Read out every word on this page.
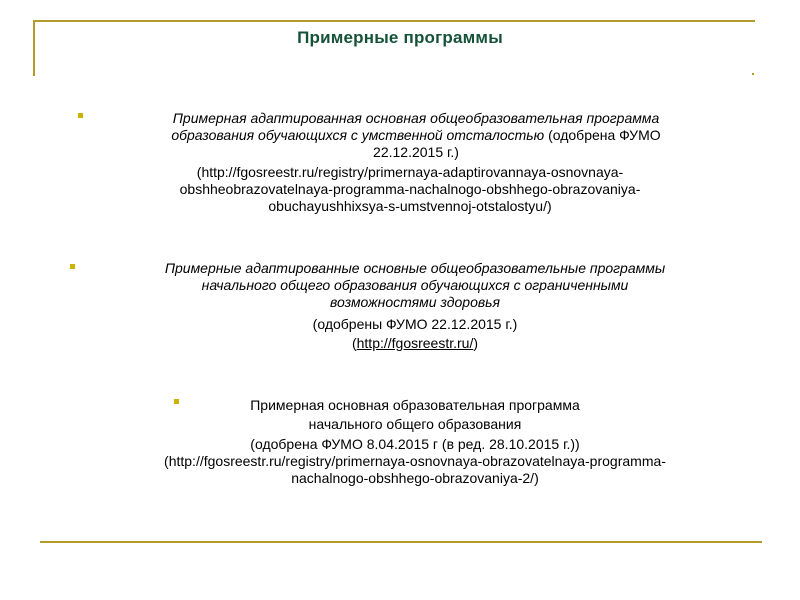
Примерные программы
Примерная адаптированная основная общеобразовательная программа
образования обучающихся с умственной отсталостью (одобрена ФУМО
22.12.2015 г.)
(http://fgosreestr.ru/registry/primernaya-adaptirovannaya-osnovnaya-
obshheobrazovatelnaya-programma-nachalnogo-obshhego-obrazovaniya-
obuchayushhixsya-s-umstvennoj-otstalostyu/)
Примерные адаптированные основные общеобразовательные программы
начального общего образования обучающихся с ограниченными
возможностями здоровья
(одобрены ФУМО 22.12.2015 г.)
(http://fgosreestr.ru/)
Примерная основная образовательная программа
начального общего образования
(одобрена ФУМО 8.04.2015 г (в ред. 28.10.2015 г.))
(http://fgosreestr.ru/registry/primernaya-osnovnaya-obrazovatelnaya-programma-
nachalnogo-obshhego-obrazovaniya-2/)
